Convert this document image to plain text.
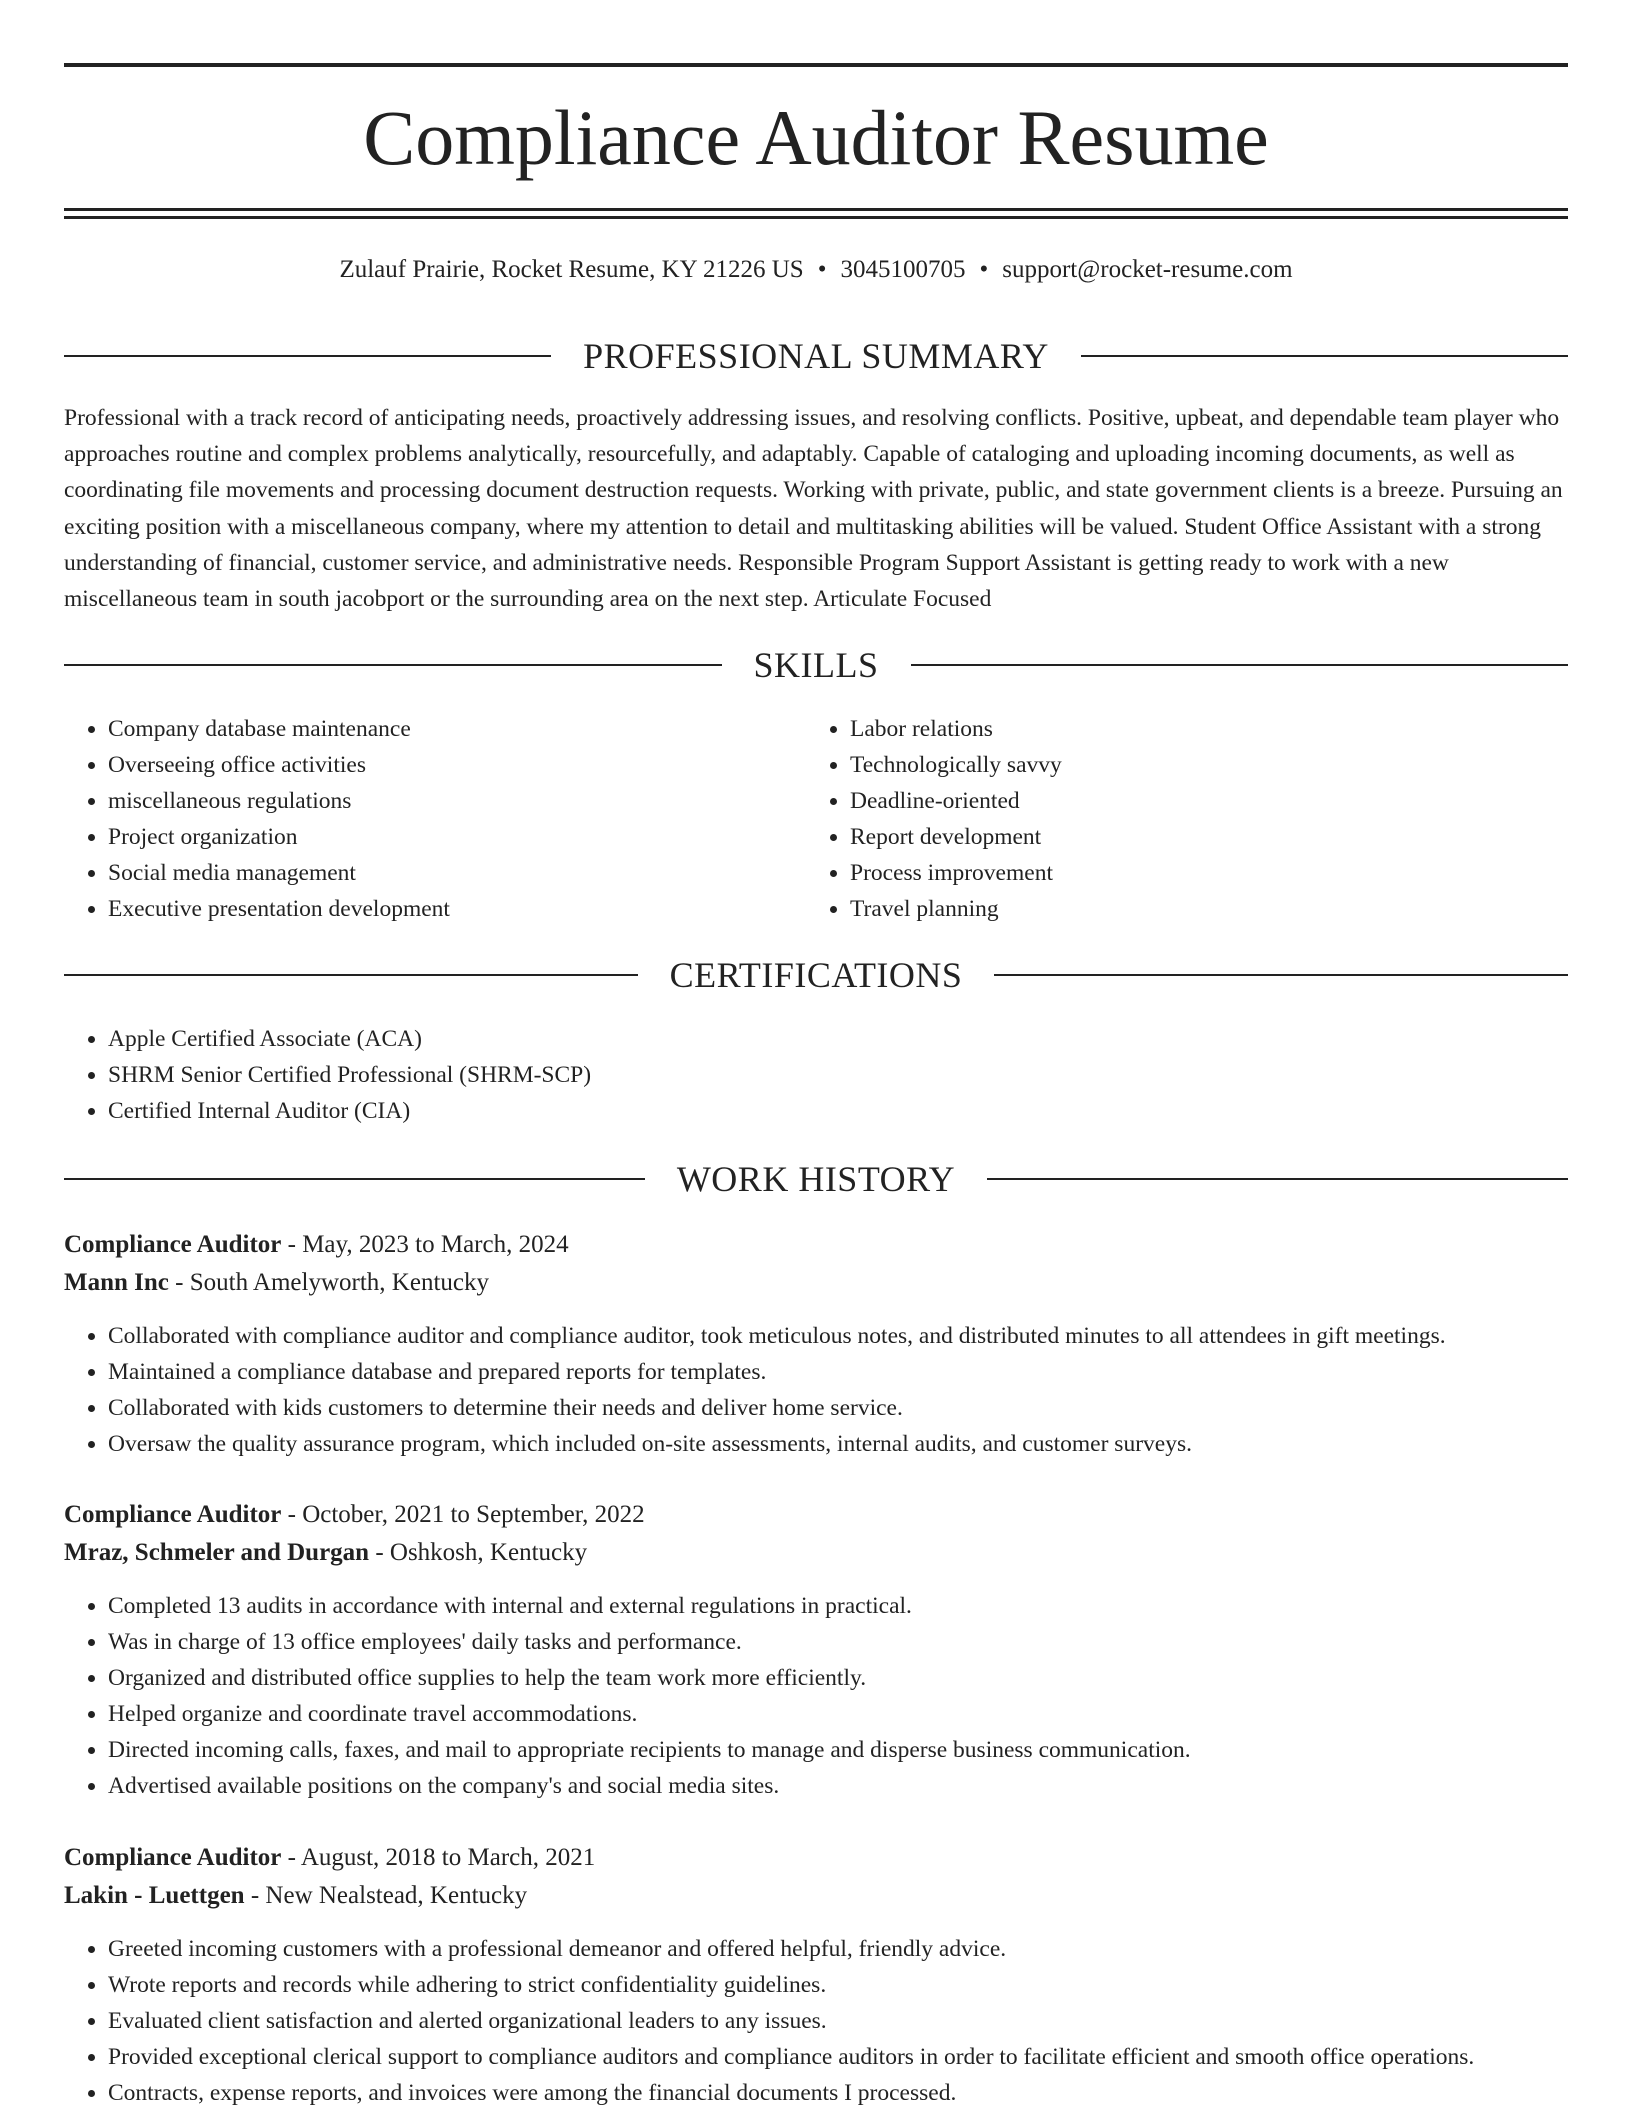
Compliance Auditor Resume
Zulauf Prairie, Rocket Resume, KY 21226 US • 3045100705 • support@rocket-resume.com
PROFESSIONAL SUMMARY

Professional with a track record of anticipating needs, proactively addressing issues, and resolving conflicts. Positive, upbeat, and dependable team player who approaches routine and complex problems analytically, resourcefully, and adaptably. Capable of cataloging and uploading incoming documents, as well as coordinating file movements and processing document destruction requests. Working with private, public, and state government clients is a breeze. Pursuing an exciting position with a miscellaneous company, where my attention to detail and multitasking abilities will be valued. Student Office Assistant with a strong understanding of financial, customer service, and administrative needs. Responsible Program Support Assistant is getting ready to work with a new miscellaneous team in south jacobport or the surrounding area on the next step. Articulate Focused

SKILLS
• Company database maintenance
• Overseeing office activities
• miscellaneous regulations
• Project organization
• Social media management
• Executive presentation development
• Labor relations
• Technologically savvy
• Deadline-oriented
• Report development
• Process improvement
• Travel planning
CERTIFICATIONS
• Apple Certified Associate (ACA)
• SHRM Senior Certified Professional (SHRM-SCP)
• Certified Internal Auditor (CIA)
WORK HISTORY
Compliance Auditor - May, 2023 to March, 2024
Mann Inc - South Amelyworth, Kentucky
• Collaborated with compliance auditor and compliance auditor, took meticulous notes, and distributed minutes to all attendees in gift meetings.
• Maintained a compliance database and prepared reports for templates.
• Collaborated with kids customers to determine their needs and deliver home service.
• Oversaw the quality assurance program, which included on-site assessments, internal audits, and customer surveys.
Compliance Auditor - October, 2021 to September, 2022
Mraz, Schmeler and Durgan - Oshkosh, Kentucky
• Completed 13 audits in accordance with internal and external regulations in practical.
• Was in charge of 13 office employees' daily tasks and performance.
• Organized and distributed office supplies to help the team work more efficiently.
• Helped organize and coordinate travel accommodations.
• Directed incoming calls, faxes, and mail to appropriate recipients to manage and disperse business communication.
• Advertised available positions on the company's and social media sites.
Compliance Auditor - August, 2018 to March, 2021
Lakin - Luettgen - New Nealstead, Kentucky
• Greeted incoming customers with a professional demeanor and offered helpful, friendly advice.
• Wrote reports and records while adhering to strict confidentiality guidelines.
• Evaluated client satisfaction and alerted organizational leaders to any issues.
• Provided exceptional clerical support to compliance auditors and compliance auditors in order to facilitate efficient and smooth office operations.
• Contracts, expense reports, and invoices were among the financial documents I processed.
